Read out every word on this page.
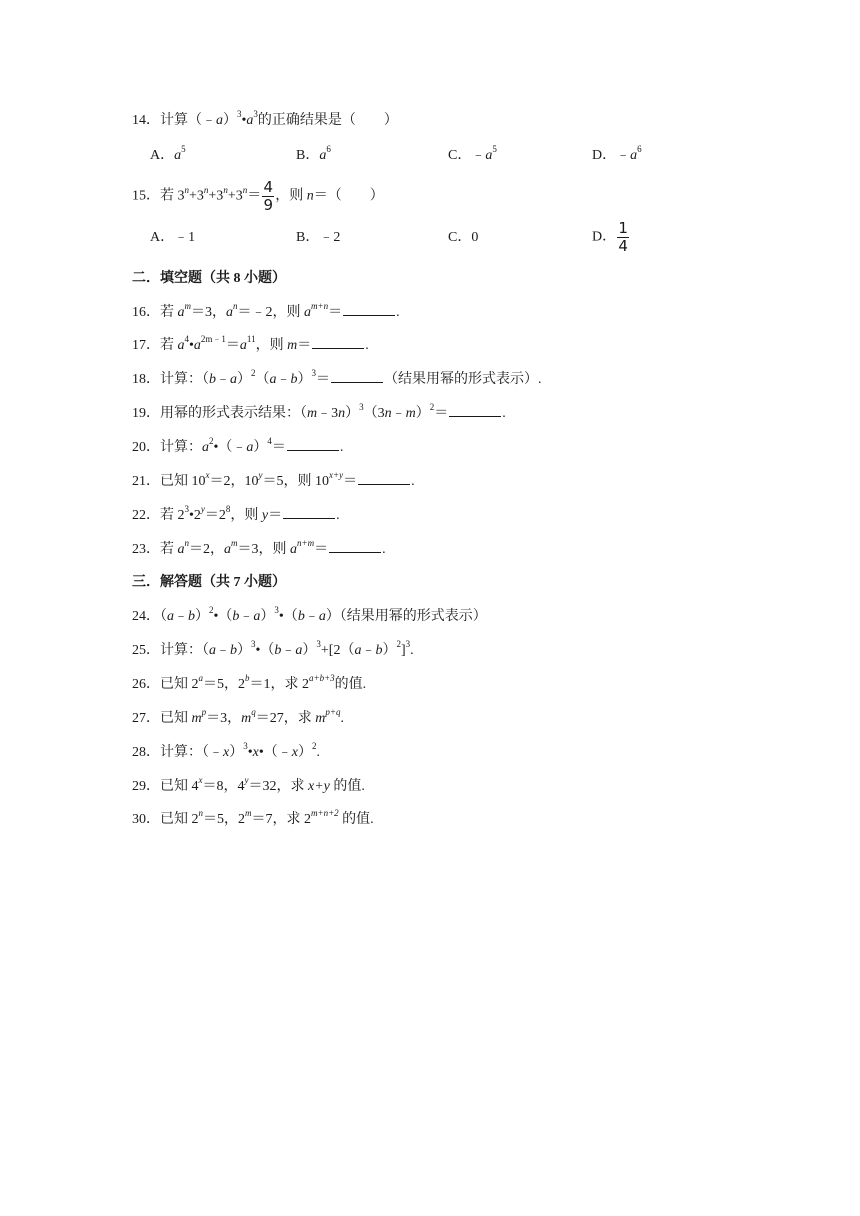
14．计算$(﹣a)^3•a^3$的正确结果是（　　）
A．$a^5$	B．$a^6$	C．$﹣a^5$	D．$﹣a^6$
15．若 $3^n+3^n+3^n+3^n= \frac{4}{9}$ ，则 n＝（　　）
A．﹣1	B．﹣2	C．0	D． $\frac{1}{4}$
二．填空题（共 8 小题）
16．若 $a^m=3$，$a^n=﹣2$，则 $a^{m+n}=$	.
17．若 $a^4•a^{2m﹣1}=a^{11}$，则 m＝	.
18．计算：（b﹣a）$^2$（a﹣b）$^3$＝	（结果用幂的形式表示）.
19．用幂的形式表示结果：（m﹣3n）$^3$（3n﹣m）$^2$＝	.
20．计算：$a^2•(﹣a)^4=$	.
21．已知 $10^x=2$，$10^y=5$，则 $10^{x+y}=$	.
22．若 $2^3•2^y=2^8$，则 y＝	.
23．若 $a^n=2$，$a^m=3$，则 $a^{n+m}=$	.
三．解答题（共 7 小题）
24．（a﹣b）$^2$•（b﹣a）$^3$•（b﹣a）（结果用幂的形式表示）
25．计算：（a﹣b）$^3$•（b﹣a）$^3$+[2（a﹣b）$^2$]$^3$.
26．已知 $2^a=5$，$2^b=1$，求 $2^{a+b+3}$的值.
27．已知 $m^p=3$，$m^q=27$，求 $m^{p+q}$.
28．计算：（﹣x）$^3$•x•（﹣x）$^2$.
29．已知 $4^x=8$，$4^y=32$，求 x+y 的值.
30．已知 $2^n=5$，$2^m=7$，求 $2^{m+n+2}$ 的值.
